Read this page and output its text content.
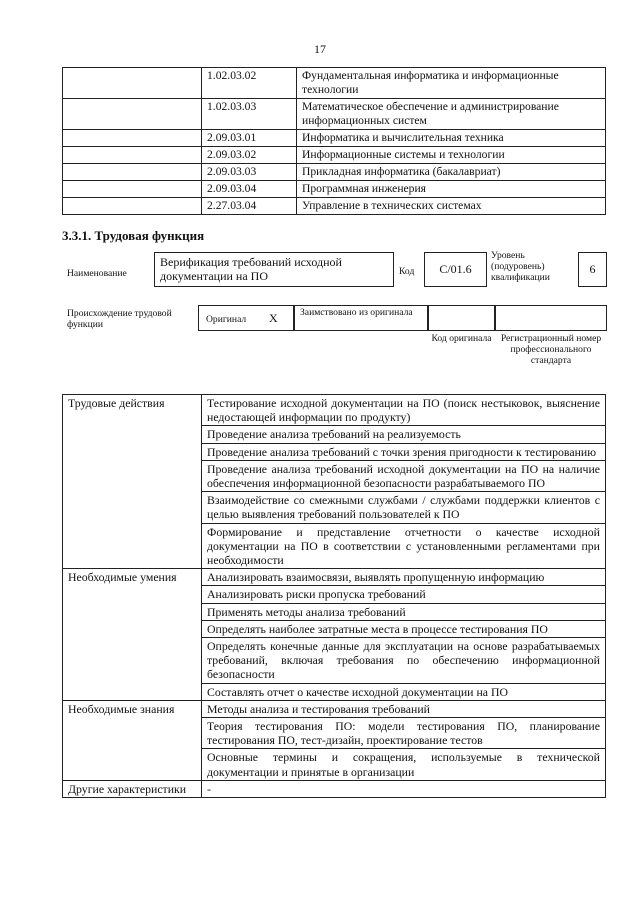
17
	1.02.03.02	Фундаментальная информатика и информационные технологии
	1.02.03.03	Математическое обеспечение и администрирование информационных систем
	2.09.03.01	Информатика и вычислительная техника
	2.09.03.02	Информационные системы и технологии
	2.09.03.03	Прикладная информатика (бакалавриат)
	2.09.03.04	Программная инженерия
	2.27.03.04	Управление в технических системах
3.3.1. Трудовая функция
Наименование
Верификация требований исходной документации на ПО	Код	С/01.6
Уровень (подуровень) квалификации
6
Происхождение трудовой функции	Оригинал X Заимствовано из оригинала
Код оригинала Регистрационный номер профессионального стандарта
Трудовые действия	Тестирование исходной документации на ПО (поиск нестыковок, выяснение недостающей информации по продукту)
	Проведение анализа требований на реализуемость
	Проведение анализа требований с точки зрения пригодности к тестированию
	Проведение анализа требований исходной документации на ПО на наличие обеспечения информационной безопасности разрабатываемого ПО
	Взаимодействие со смежными службами / службами поддержки клиентов с целью выявления требований пользователей к ПО
	Формирование и представление отчетности о качестве исходной документации на ПО в соответствии с установленными регламентами при необходимости
Необходимые умения	Анализировать взаимосвязи, выявлять пропущенную информацию
	Анализировать риски пропуска требований
	Применять методы анализа требований
	Определять наиболее затратные места в процессе тестирования ПО
	Определять конечные данные для эксплуатации на основе разрабатываемых требований, включая требования по обеспечению информационной безопасности
	Составлять отчет о качестве исходной документации на ПО
Необходимые знания	Методы анализа и тестирования требований
	Теория тестирования ПО: модели тестирования ПО, планирование тестирования ПО, тест-дизайн, проектирование тестов
	Основные термины и сокращения, используемые в технической документации и принятые в организации
Другие характеристики	-
